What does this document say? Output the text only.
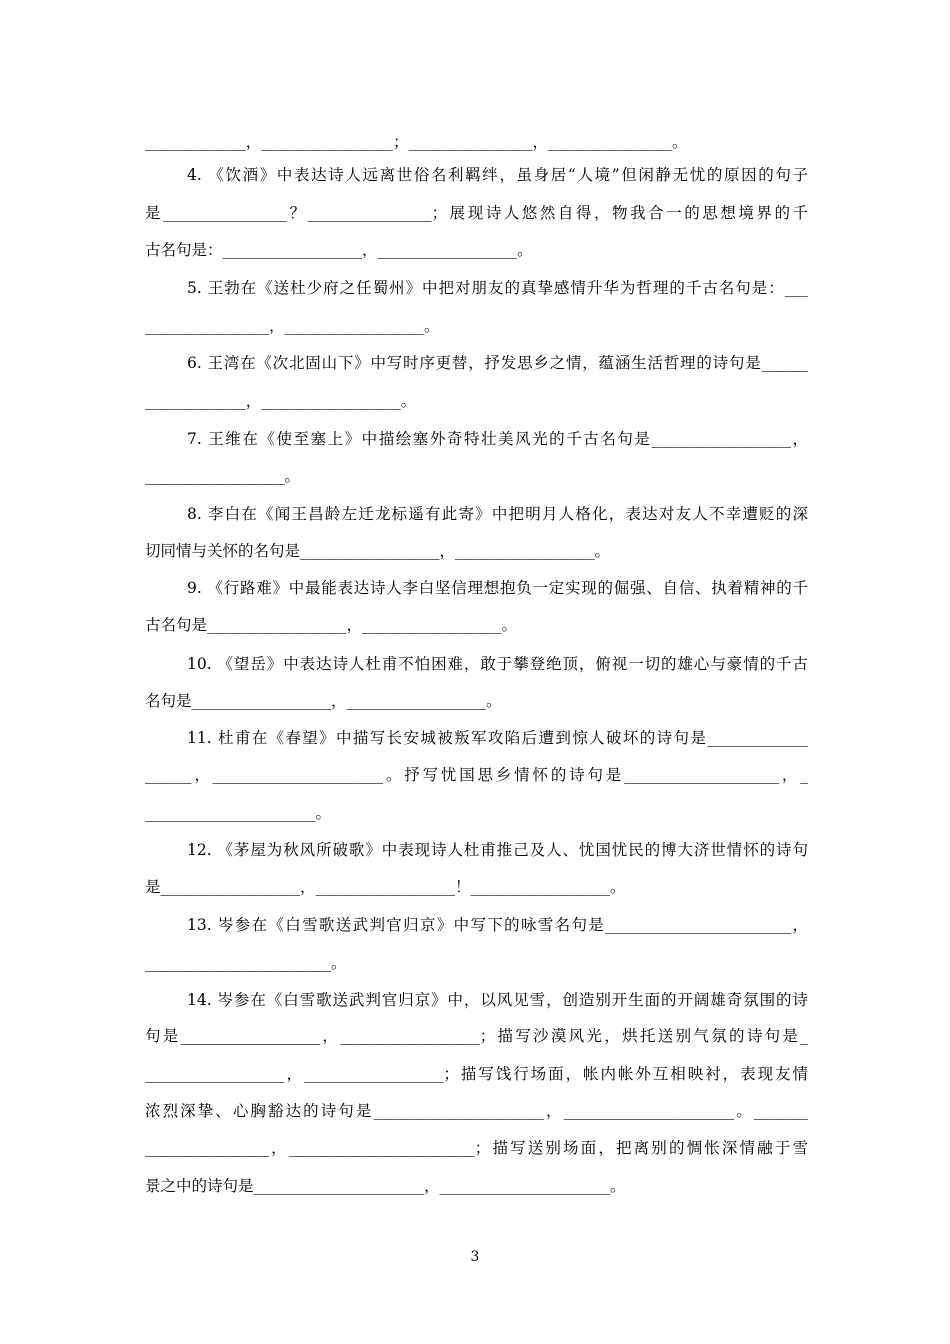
_____________，_________________；________________，________________。
4. 《饮酒》中表达诗人远离世俗名利羁绊，虽身居“人境”但闲静无忧的原因的句子
是________________？________________；展现诗人悠然自得，物我合一的思想境界的千
古名句是：__________________，__________________。
5. 王勃在《送杜少府之任蜀州》中把对朋友的真挚感情升华为哲理的千古名句是：___
________________，__________________。
6. 王湾在《次北固山下》中写时序更替，抒发思乡之情，蕴涵生活哲理的诗句是______
_____________，__________________。
7. 王维在《使至塞上》中描绘塞外奇特壮美风光的千古名句是__________________，
__________________。
8. 李白在《闻王昌龄左迁龙标遥有此寄》中把明月人格化，表达对友人不幸遭贬的深
切同情与关怀的名句是__________________，__________________。
9. 《行路难》中最能表达诗人李白坚信理想抱负一定实现的倔强、自信、执着精神的千
古名句是__________________，__________________。
10. 《望岳》中表达诗人杜甫不怕困难，敢于攀登绝顶，俯视一切的雄心与豪情的千古
名句是__________________，__________________。
11. 杜甫在《春望》中描写长安城被叛军攻陷后遭到惊人破坏的诗句是_____________
______，______________________。抒写忧国思乡情怀的诗句是____________________，_
______________________。
12. 《茅屋为秋风所破歌》中表现诗人杜甫推己及人、忧国忧民的博大济世情怀的诗句
是__________________，__________________！__________________。
13. 岑参在《白雪歌送武判官归京》中写下的咏雪名句是________________________，
________________________。
14. 岑参在《白雪歌送武判官归京》中，以风见雪，创造别开生面的开阔雄奇氛围的诗
句是__________________，__________________；描写沙漠风光，烘托送别气氛的诗句是_
__________________，__________________；描写饯行场面，帐内帐外互相映衬，表现友情
浓烈深挚、心胸豁达的诗句是______________________，______________________。_______
________________，________________________；描写送别场面，把离别的惆怅深情融于雪
景之中的诗句是______________________，______________________。
3
